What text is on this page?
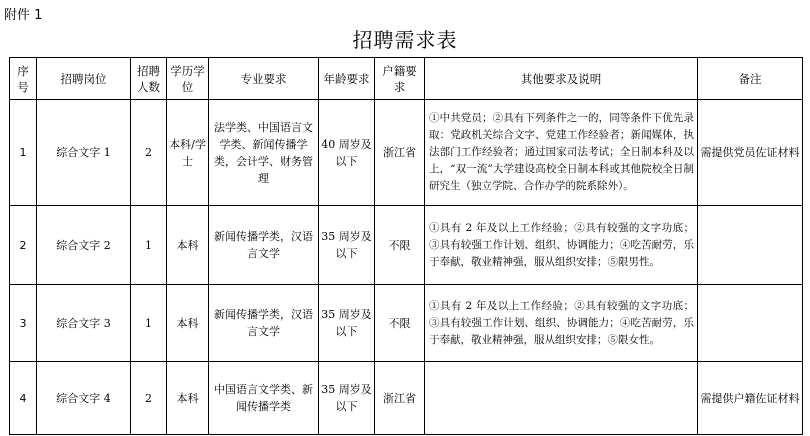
附件 1
招聘需求表
序号	招聘岗位	招聘人数	学历学位	专业要求	年龄要求	户籍要求	其他要求及说明	备注
1	综合文字 1	2	本科/学士	法学类、中国语言文学类、新闻传播学类，会计学、财务管理	40 周岁及以下	浙江省	①中共党员；②具有下列条件之一的，同等条件下优先录取：党政机关综合文字、党建工作经验者；新闻媒体，执法部门工作经验者；通过国家司法考试；全日制本科及以上，“双一流”大学建设高校全日制本科或其他院校全日制研究生（独立学院、合作办学的院系除外）。	需提供党员佐证材料
2	综合文字 2	1	本科	新闻传播学类，汉语言文学	35 周岁及以下	不限	①具有 2 年及以上工作经验；②具有较强的文字功底；③具有较强工作计划、组织、协调能力；④吃苦耐劳，乐于奉献，敬业精神强，服从组织安排；⑤限男性。	
3	综合文字 3	1	本科	新闻传播学类，汉语言文学	35 周岁及以下	不限	①具有 2 年及以上工作经验；②具有较强的文字功底；③具有较强工作计划、组织、协调能力；④吃苦耐劳，乐于奉献，敬业精神强，服从组织安排；⑤限女性。	
4	综合文字 4	2	本科	中国语言文学类、新闻传播学类	35 周岁及以下	浙江省		需提供户籍佐证材料
